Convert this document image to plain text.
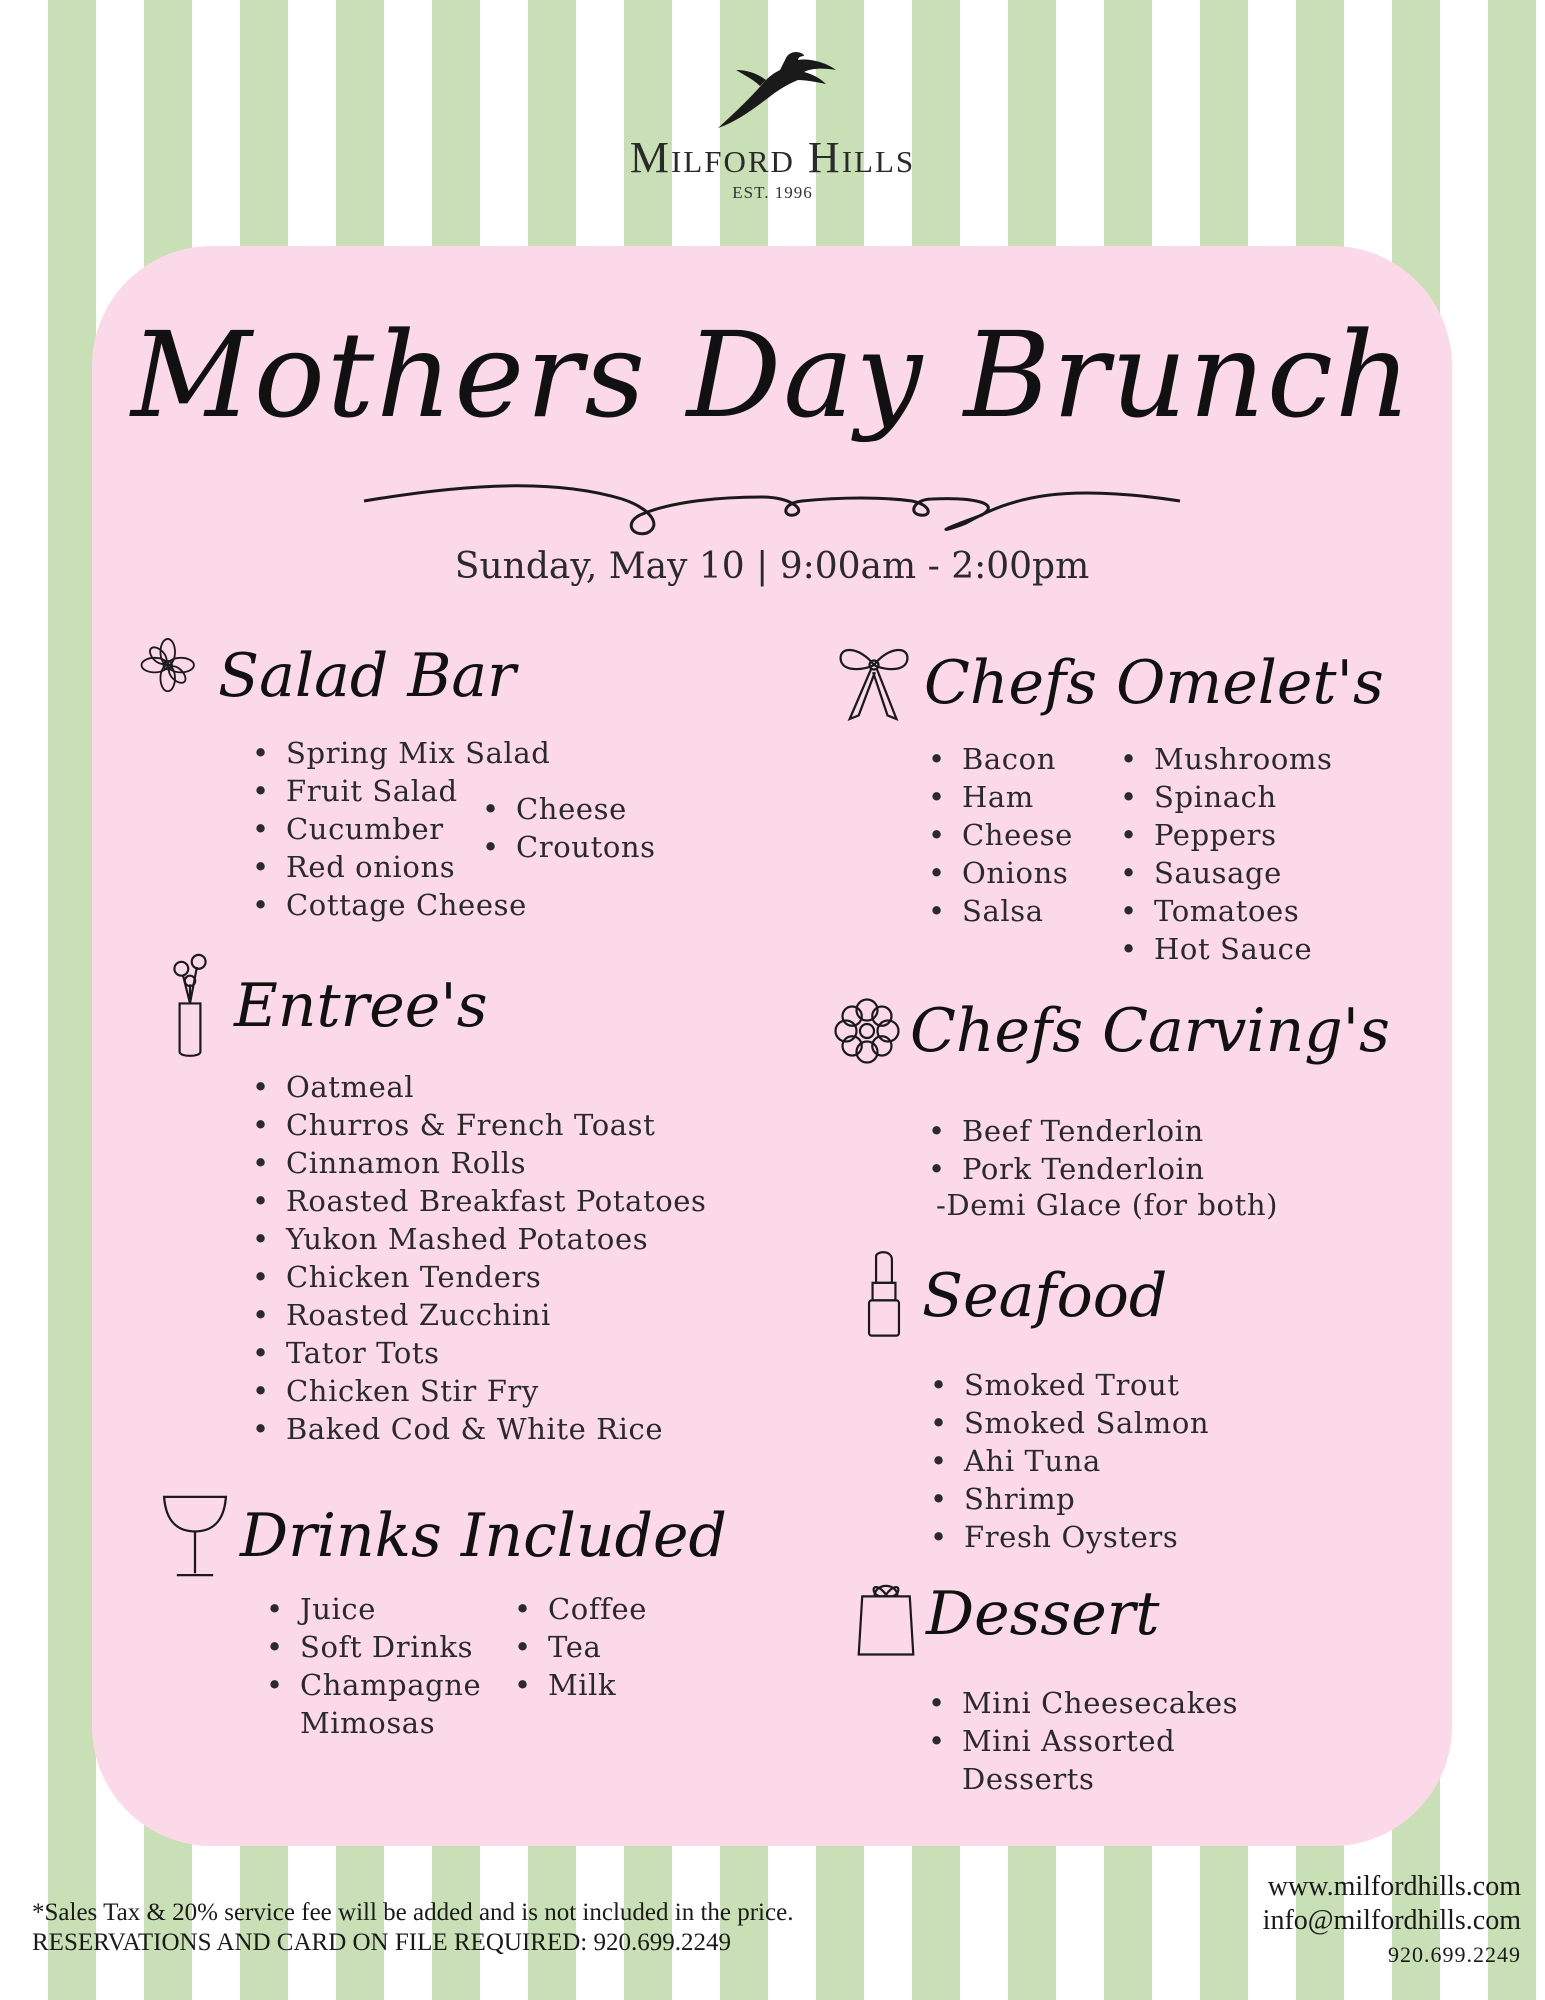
Milford Hills
EST. 1996
Mothers Day Brunch
Sunday, May 10 | 9:00am - 2:00pm
Salad Bar
• Spring Mix Salad
• Fruit Salad
• Cucumber
• Red onions
• Cottage Cheese
• Cheese
• Croutons
Entree's
• Oatmeal
• Churros & French Toast
• Cinnamon Rolls
• Roasted Breakfast Potatoes
• Yukon Mashed Potatoes
• Chicken Tenders
• Roasted Zucchini
• Tator Tots
• Chicken Stir Fry
• Baked Cod & White Rice
Drinks Included
• Juice
• Soft Drinks
• Champagne
Mimosas
• Coffee
• Tea
• Milk
Chefs Omelet's
• Bacon
• Ham
• Cheese
• Onions
• Salsa
• Mushrooms
• Spinach
• Peppers
• Sausage
• Tomatoes
• Hot Sauce
Chefs Carving's
• Beef Tenderloin
• Pork Tenderloin
-Demi Glace (for both)
Seafood
• Smoked Trout
• Smoked Salmon
• Ahi Tuna
• Shrimp
• Fresh Oysters
Dessert
• Mini Cheesecakes
• Mini Assorted
Desserts
*Sales Tax & 20% service fee will be added and is not included in the price.
RESERVATIONS AND CARD ON FILE REQUIRED: 920.699.2249
www.milfordhills.com
info@milfordhills.com
920.699.2249
